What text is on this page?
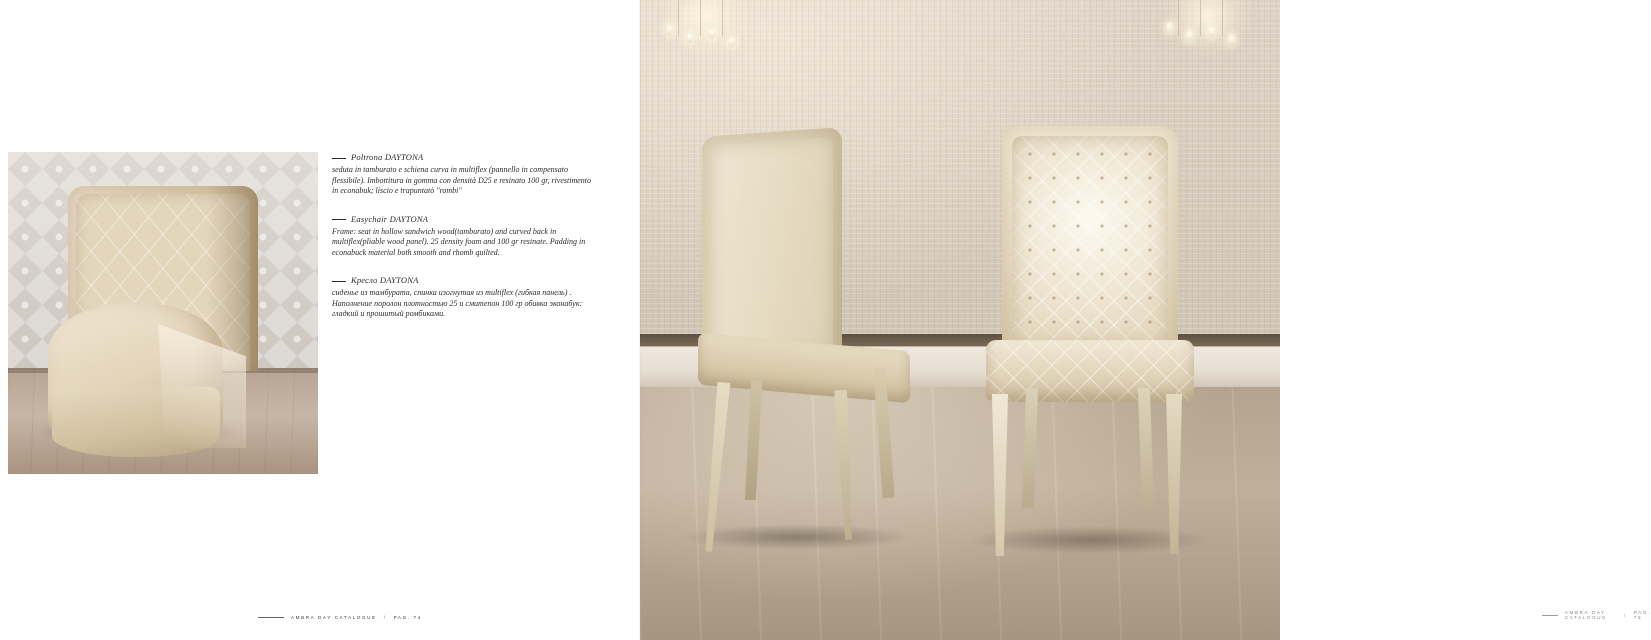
Poltrona DAYTONA

seduta in tamburato e schiena curva in multiflex (pannello in compensato flessibile). Imbottitura in gomma con densità D25 e resinato 100 gr, rivestimento in econabuk; liscio e trapuntatò "rombi"

Easychair DAYTONA

Frame: seat in hollow sandwich wood(tamburato) and curved back in multiflex(pliable wood panel). 25 density foam and 100 gr resinate. Padding in econabuck material both smooth and rhomb quilted.

Кресло DAYTONA

сиденье из тамбурата, спинка изогнутая из multiflex (гибкая панель) . Наполнение поролон плотностью 25 и смитепон 100 гр обивка эконабук: гладкий и прошитый ромбиками.

AMBRA DAY CATALOGUE / PAG. 74
AMBRA DAY CATALOGUE	/ PAG. 75
